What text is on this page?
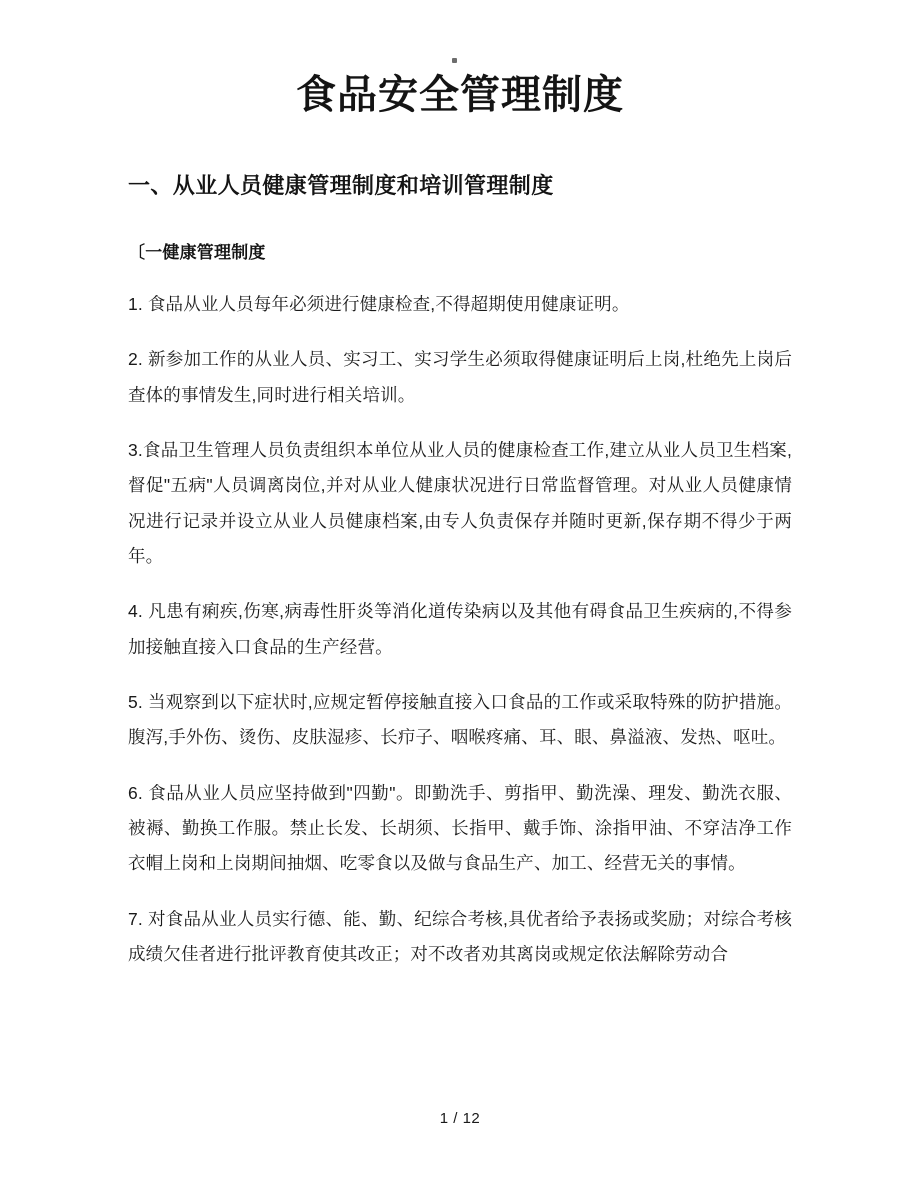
食品安全管理制度
一、从业人员健康管理制度和培训管理制度
〔一健康管理制度
1. 食品从业人员每年必须进行健康检查,不得超期使用健康证明。
2. 新参加工作的从业人员、实习工、实习学生必须取得健康证明后上岗,杜绝先上岗后查体的事情发生,同时进行相关培训。
3.食品卫生管理人员负责组织本单位从业人员的健康检查工作,建立从业人员卫生档案,督促"五病"人员调离岗位,并对从业人健康状况进行日常监督管理。对从业人员健康情况进行记录并设立从业人员健康档案,由专人负责保存并随时更新,保存期不得少于两年。
4. 凡患有痢疾,伤寒,病毒性肝炎等消化道传染病以及其他有碍食品卫生疾病的,不得参加接触直接入口食品的生产经营。
5. 当观察到以下症状时,应规定暂停接触直接入口食品的工作或采取特殊的防护措施。腹泻,手外伤、烫伤、皮肤湿疹、长疖子、咽喉疼痛、耳、眼、鼻溢液、发热、呕吐。
6. 食品从业人员应坚持做到"四勤"。即勤洗手、剪指甲、勤洗澡、理发、勤洗衣服、被褥、勤换工作服。禁止长发、长胡须、长指甲、戴手饰、涂指甲油、不穿洁净工作衣帽上岗和上岗期间抽烟、吃零食以及做与食品生产、加工、经营无关的事情。
7. 对食品从业人员实行德、能、勤、纪综合考核,具优者给予表扬或奖励；对综合考核成绩欠佳者进行批评教育使其改正；对不改者劝其离岗或规定依法解除劳动合
1 / 12
